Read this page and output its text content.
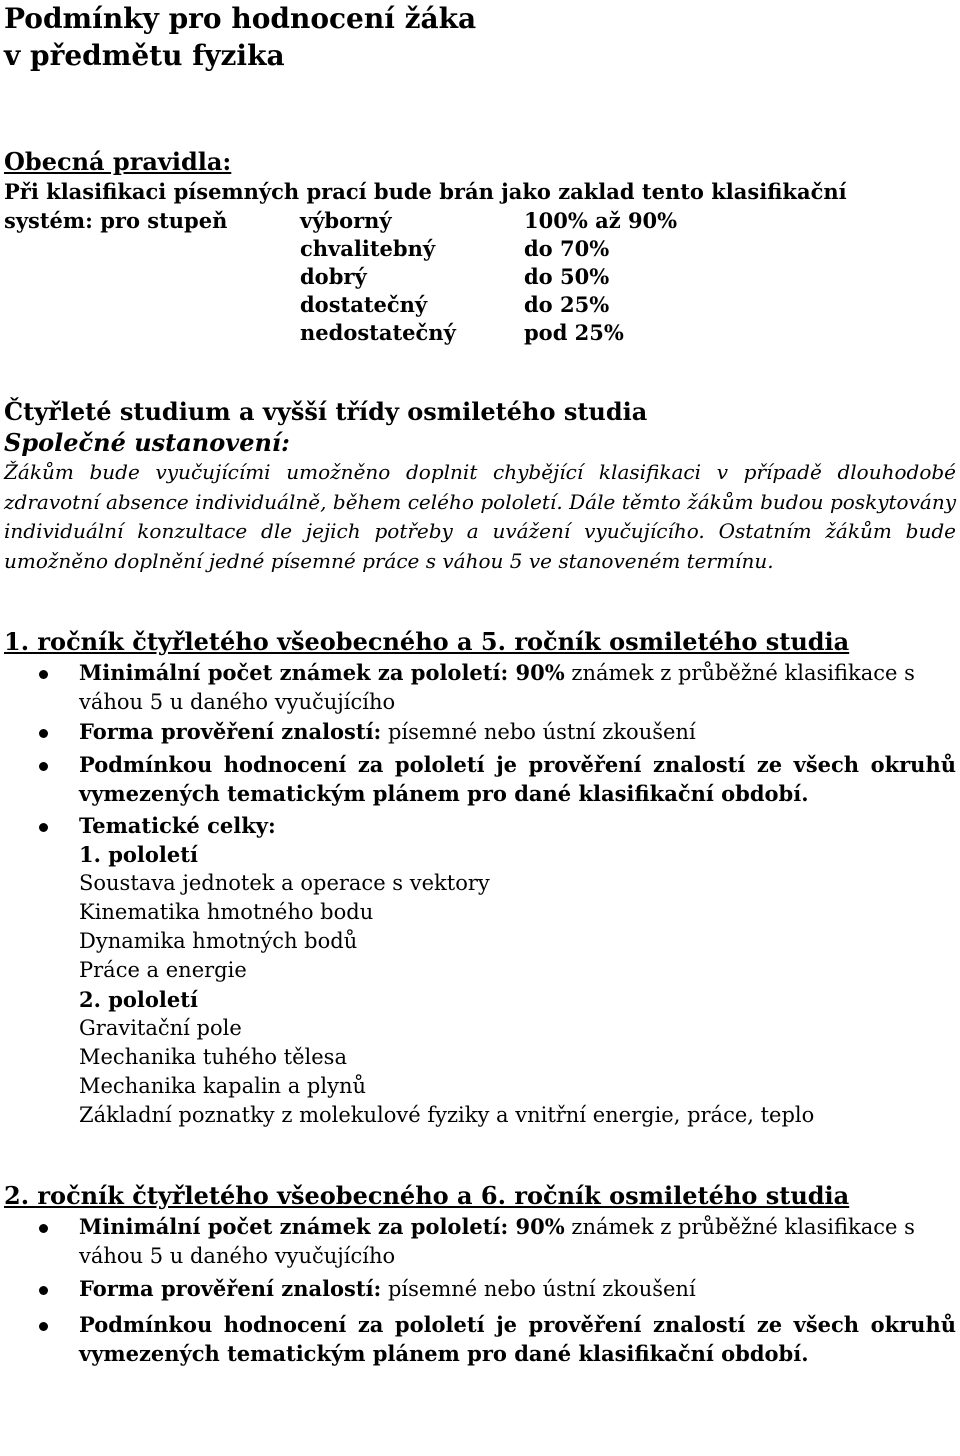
Podmínky pro hodnocení žáka
v předmětu fyzika
Obecná pravidla:
Při klasifikaci písemných prací bude brán jako zaklad tento klasifikační
systém: pro stupeň	výborný	100% až 90%
chvalitebný	do 70%
dobrý	do 50%
dostatečný	do 25%
nedostatečný	pod 25%
Čtyřleté studium a vyšší třídy osmiletého studia
Společné ustanovení:
Žákům bude vyučujícími umožněno doplnit chybějící klasifikaci v případě dlouhodobé zdravotní absence individuálně, během celého pololetí. Dále těmto žákům budou poskytovány individuální konzultace dle jejich potřeby a uvážení vyučujícího. Ostatním žákům bude umožněno doplnění jedné písemné práce s váhou 5 ve stanoveném termínu.
1. ročník čtyřletého všeobecného a 5. ročník osmiletého studia
Minimální počet známek za pololetí: 90% známek z průběžné klasifikace s váhou 5 u daného vyučujícího
Forma prověření znalostí: písemné nebo ústní zkoušení
Podmínkou hodnocení za pololetí je prověření znalostí ze všech okruhů vymezených tematickým plánem pro dané klasifikační období.
Tematické celky:
1. pololetí
Soustava jednotek a operace s vektory
Kinematika hmotného bodu
Dynamika hmotných bodů
Práce a energie
2. pololetí
Gravitační pole
Mechanika tuhého tělesa
Mechanika kapalin a plynů
Základní poznatky z molekulové fyziky a vnitřní energie, práce, teplo
2. ročník čtyřletého všeobecného a 6. ročník osmiletého studia
Minimální počet známek za pololetí: 90% známek z průběžné klasifikace s váhou 5 u daného vyučujícího
Forma prověření znalostí: písemné nebo ústní zkoušení
Podmínkou hodnocení za pololetí je prověření znalostí ze všech okruhů vymezených tematickým plánem pro dané klasifikační období.
